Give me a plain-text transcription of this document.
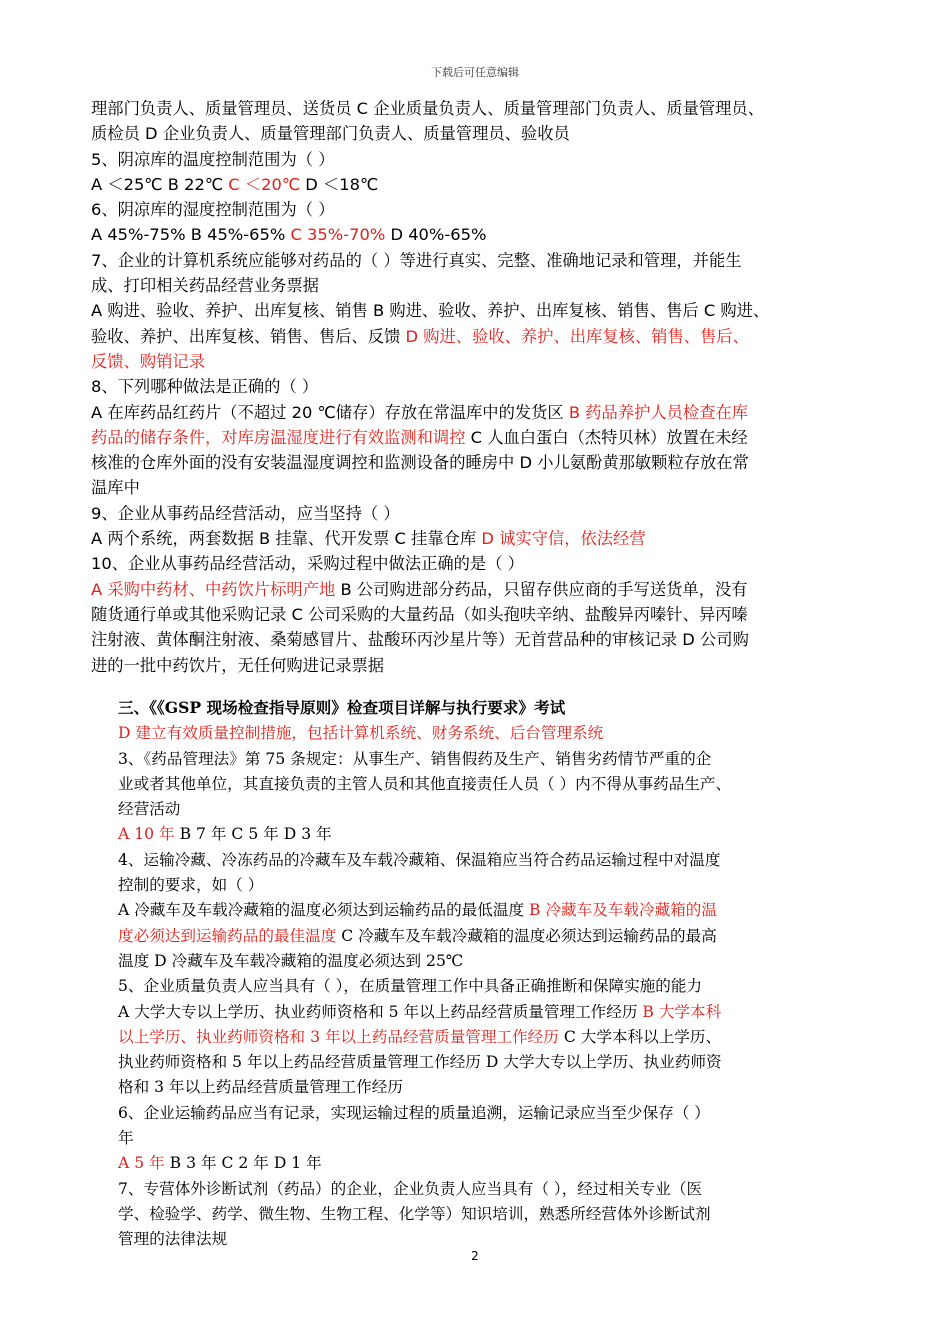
下载后可任意编辑
理部门负责人、质量管理员、送货员 C 企业质量负责人、质量管理部门负责人、质量管理员、
质检员 D 企业负责人、质量管理部门负责人、质量管理员、验收员
5、阴凉库的温度控制范围为（ ）
A ＜25℃ B 22℃ C ＜20℃ D ＜18℃
6、阴凉库的湿度控制范围为（ ）
A 45%-75% B 45%-65% C 35%-70% D 40%-65%
7、企业的计算机系统应能够对药品的（ ）等进行真实、完整、准确地记录和管理，并能生
成、打印相关药品经营业务票据
A 购进、验收、养护、出库复核、销售 B 购进、验收、养护、出库复核、销售、售后 C 购进、
验收、养护、出库复核、销售、售后、反馈 D 购进、验收、养护、出库复核、销售、售后、
反馈、购销记录
8、下列哪种做法是正确的（ ）
A 在库药品红药片（不超过 20 ℃储存）存放在常温库中的发货区 B 药品养护人员检查在库
药品的储存条件，对库房温湿度进行有效监测和调控 C 人血白蛋白（杰特贝林）放置在未经
核准的仓库外面的没有安装温湿度调控和监测设备的睡房中 D 小儿氨酚黄那敏颗粒存放在常
温库中
9、企业从事药品经营活动，应当坚持（ ）
A 两个系统，两套数据 B 挂靠、代开发票 C 挂靠仓库 D 诚实守信，依法经营
10、企业从事药品经营活动，采购过程中做法正确的是（ ）
A 采购中药材、中药饮片标明产地 B 公司购进部分药品，只留存供应商的手写送货单，没有
随货通行单或其他采购记录 C 公司采购的大量药品（如头孢呋辛纳、盐酸异丙嗪针、异丙嗪
注射液、黄体酮注射液、桑菊感冒片、盐酸环丙沙星片等）无首营品种的审核记录 D 公司购
进的一批中药饮片，无任何购进记录票据
三、《《GSP 现场检查指导原则》检查项目详解与执行要求》考试
D 建立有效质量控制措施，包括计算机系统、财务系统、后台管理系统
3、《药品管理法》第 75 条规定：从事生产、销售假药及生产、销售劣药情节严重的企
业或者其他单位，其直接负责的主管人员和其他直接责任人员（ ）内不得从事药品生产、
经营活动
A 10 年 B 7 年 C 5 年 D 3 年
4、运输冷藏、冷冻药品的冷藏车及车载冷藏箱、保温箱应当符合药品运输过程中对温度
控制的要求，如（ ）
A 冷藏车及车载冷藏箱的温度必须达到运输药品的最低温度 B 冷藏车及车载冷藏箱的温
度必须达到运输药品的最佳温度 C 冷藏车及车载冷藏箱的温度必须达到运输药品的最高
温度 D 冷藏车及车载冷藏箱的温度必须达到 25℃
5、企业质量负责人应当具有（ ），在质量管理工作中具备正确推断和保障实施的能力
A 大学大专以上学历、执业药师资格和 5 年以上药品经营质量管理工作经历 B 大学本科
以上学历、执业药师资格和 3 年以上药品经营质量管理工作经历 C 大学本科以上学历、
执业药师资格和 5 年以上药品经营质量管理工作经历 D 大学大专以上学历、执业药师资
格和 3 年以上药品经营质量管理工作经历
6、企业运输药品应当有记录，实现运输过程的质量追溯，运输记录应当至少保存（ ）
年
A 5 年 B 3 年 C 2 年 D 1 年
7、专营体外诊断试剂（药品）的企业，企业负责人应当具有（ ），经过相关专业（医
学、检验学、药学、微生物、生物工程、化学等）知识培训，熟悉所经营体外诊断试剂
管理的法律法规
2
